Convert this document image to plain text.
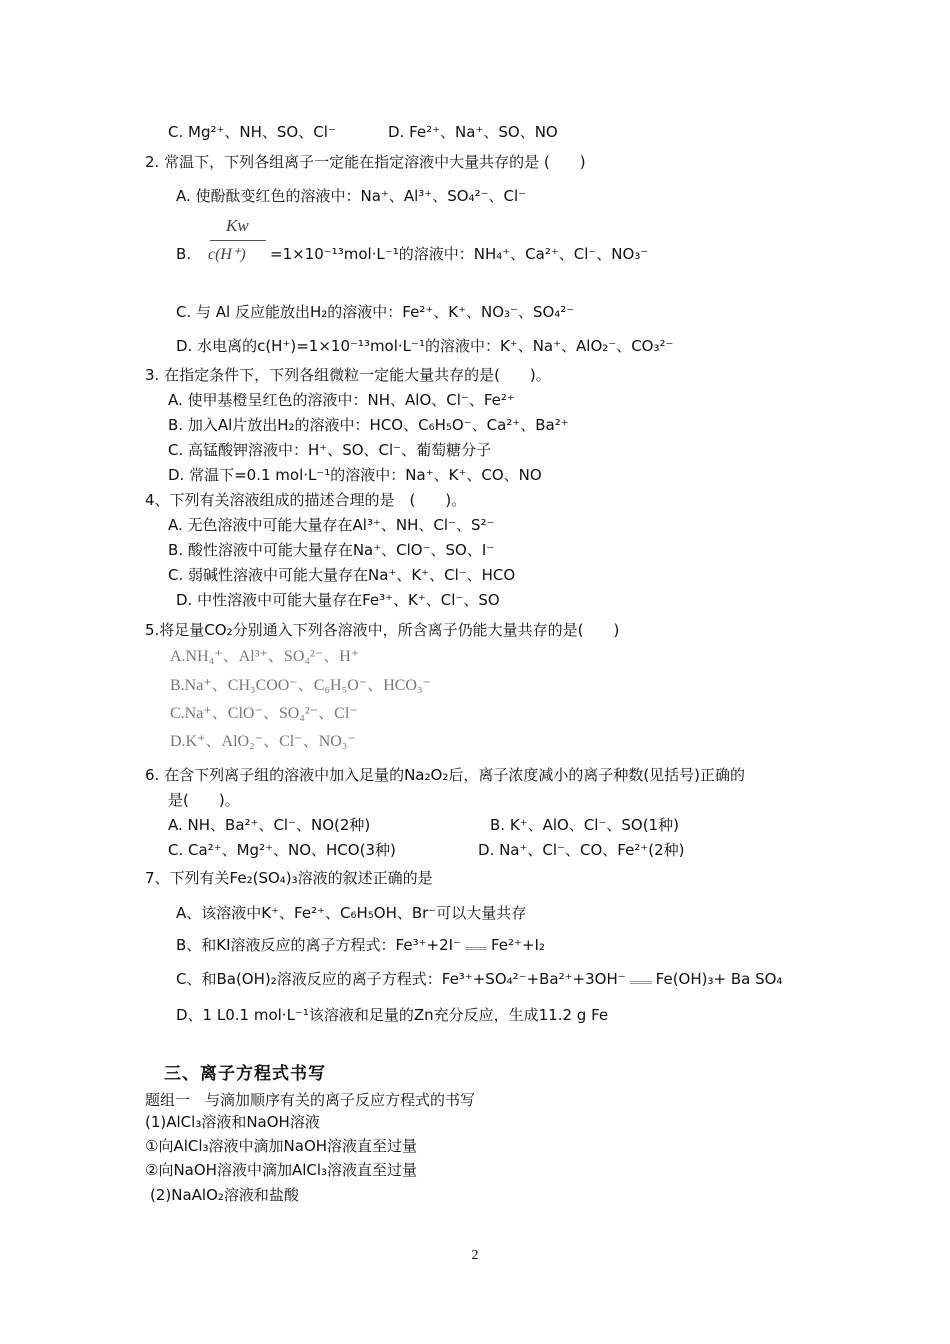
C. Mg²⁺、NH、SO、Cl⁻	D. Fe²⁺、Na⁺、SO、NO
2. 常温下，下列各组离子一定能在指定溶液中大量共存的是 (　　)
A. 使酚酞变红色的溶液中：Na⁺、Al³⁺、SO₄²⁻、Cl⁻
B.
Kw
c(H⁺) =1×10⁻¹³mol·L⁻¹的溶液中：NH₄⁺、Ca²⁺、Cl⁻、NO₃⁻
C. 与 Al 反应能放出H₂的溶液中：Fe²⁺、K⁺、NO₃⁻、SO₄²⁻
D. 水电离的c(H⁺)=1×10⁻¹³mol·L⁻¹的溶液中：K⁺、Na⁺、AlO₂⁻、CO₃²⁻
3. 在指定条件下，下列各组微粒一定能大量共存的是(　　)。
A. 使甲基橙呈红色的溶液中：NH、AlO、Cl⁻、Fe²⁺
B. 加入Al片放出H₂的溶液中：HCO、C₆H₅O⁻、Ca²⁺、Ba²⁺
C. 高锰酸钾溶液中：H⁺、SO、Cl⁻、葡萄糖分子
D. 常温下=0.1 mol·L⁻¹的溶液中：Na⁺、K⁺、CO、NO
4、下列有关溶液组成的描述合理的是　(　　)。
A. 无色溶液中可能大量存在Al³⁺、NH、Cl⁻、S²⁻
B. 酸性溶液中可能大量存在Na⁺、ClO⁻、SO、I⁻
C. 弱碱性溶液中可能大量存在Na⁺、K⁺、Cl⁻、HCO
D. 中性溶液中可能大量存在Fe³⁺、K⁺、Cl⁻、SO
5.将足量CO₂分别通入下列各溶液中，所含离子仍能大量共存的是(　　)
A.NH₄⁺、Al³⁺、SO₄²⁻、H⁺
B.Na⁺、CH₃COO⁻、C₆H₅O⁻、HCO₃⁻
C.Na⁺、ClO⁻、SO₄²⁻、Cl⁻
D.K⁺、AlO₂⁻、Cl⁻、NO₃⁻
6. 在含下列离子组的溶液中加入足量的Na₂O₂后，离子浓度减小的离子种数(见括号)正确的
是(　　)。
A. NH、Ba²⁺、Cl⁻、NO(2种)	B. K⁺、AlO、Cl⁻、SO(1种)
C. Ca²⁺、Mg²⁺、NO、HCO(3种)	D. Na⁺、Cl⁻、CO、Fe²⁺(2种)
7、下列有关Fe₂(SO₄)₃溶液的叙述正确的是
A、该溶液中K⁺、Fe²⁺、C₆H₅OH、Br⁻可以大量共存
B、和KI溶液反应的离子方程式：Fe³⁺+2I⁻ Fe²⁺+I₂
C、和Ba(OH)₂溶液反应的离子方程式：Fe³⁺+SO₄²⁻+Ba²⁺+3OH⁻ Fe(OH)₃+ Ba SO₄
D、1 L0.1 mol·L⁻¹该溶液和足量的Zn充分反应，生成11.2 g Fe
三、离子方程式书写
题组一　与滴加顺序有关的离子反应方程式的书写
(1)AlCl₃溶液和NaOH溶液
①向AlCl₃溶液中滴加NaOH溶液直至过量
②向NaOH溶液中滴加AlCl₃溶液直至过量
(2)NaAlO₂溶液和盐酸
2
